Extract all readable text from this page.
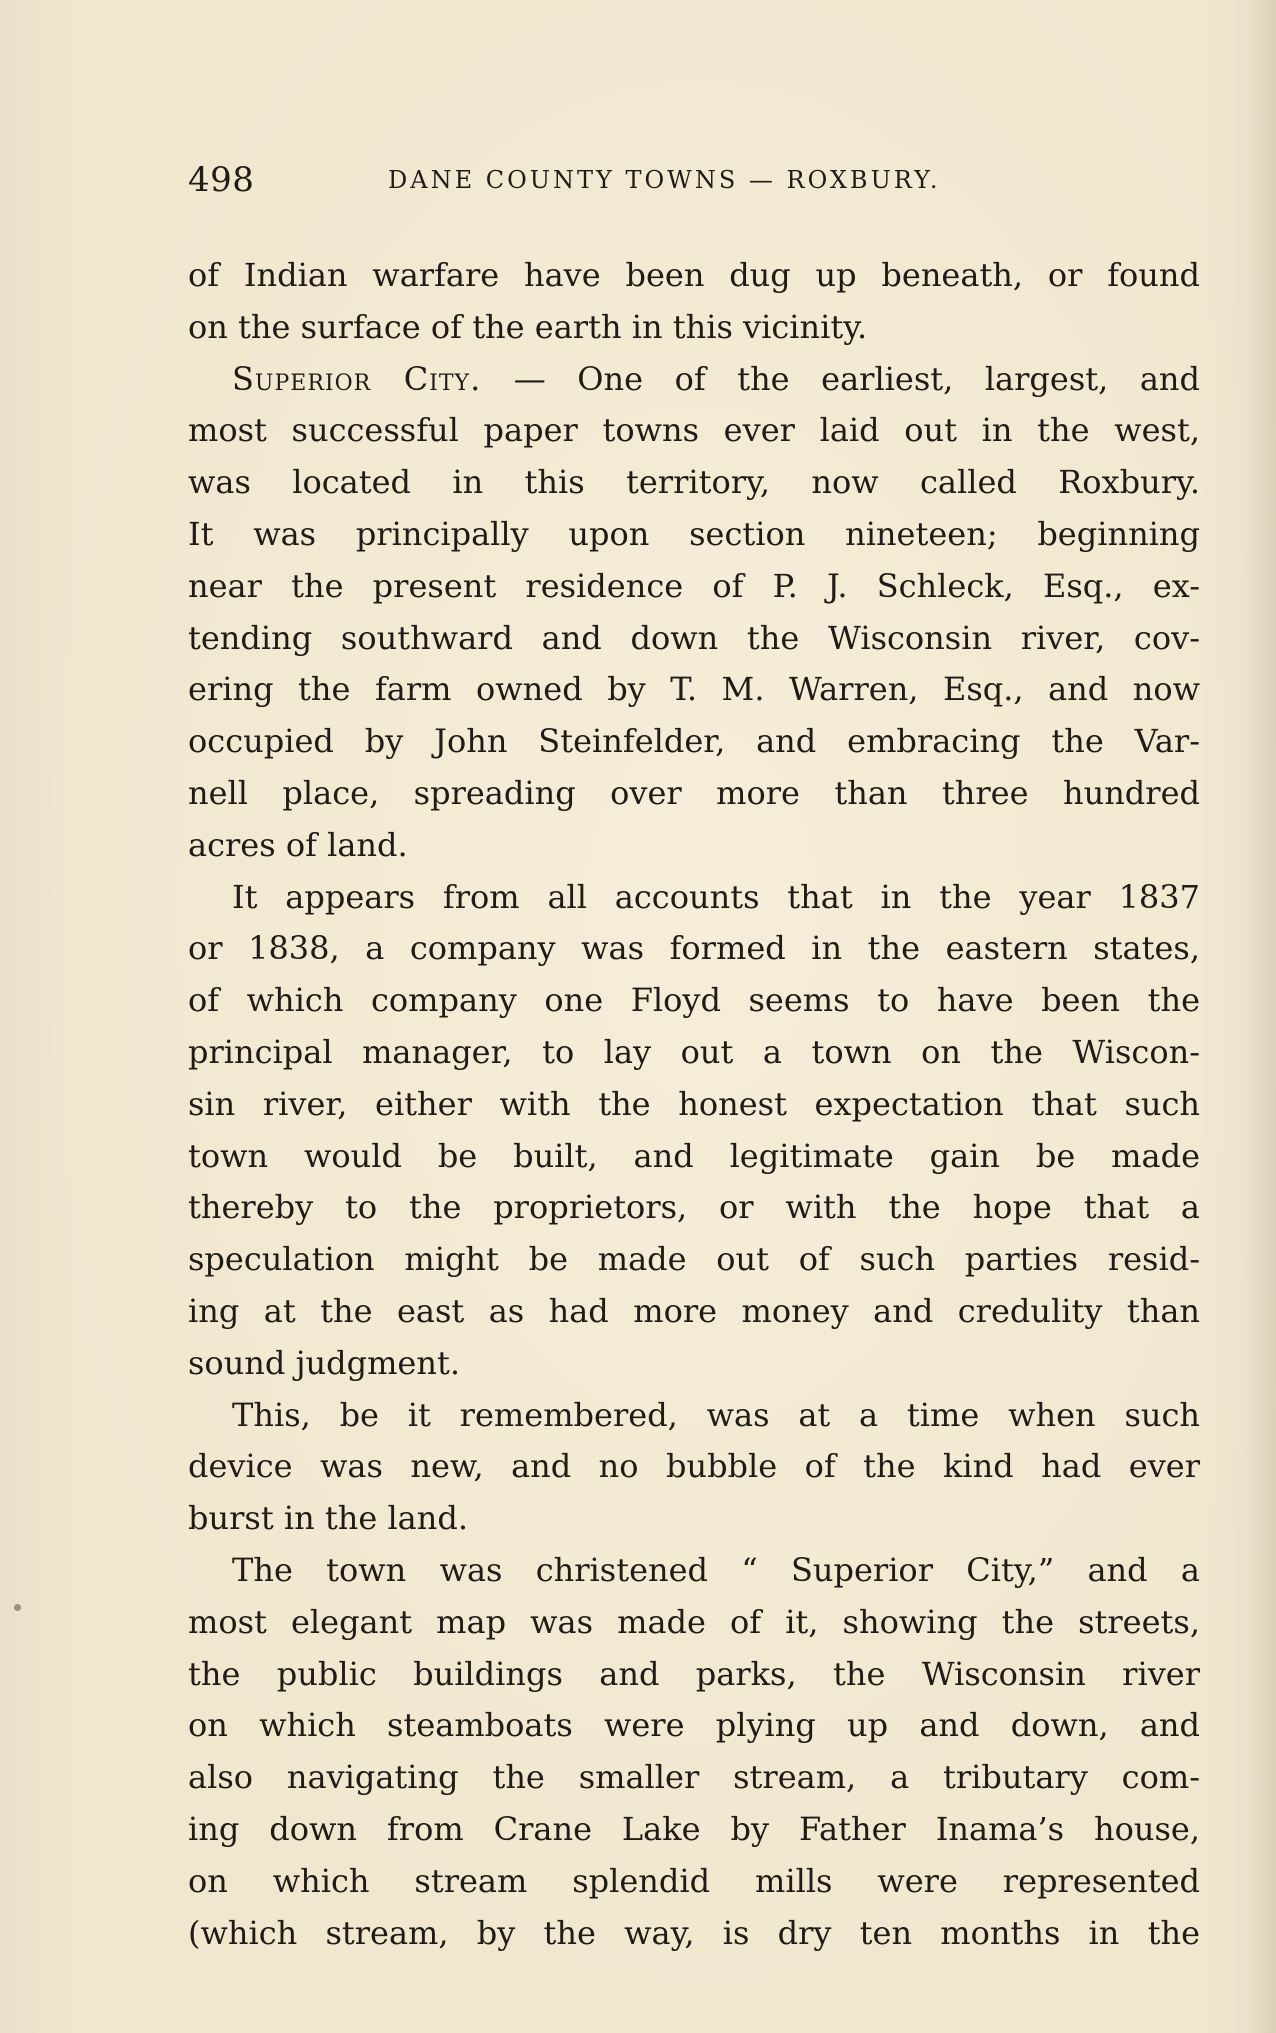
498	DANE COUNTY TOWNS — ROXBURY.
of Indian warfare have been dug up beneath, or found
on the surface of the earth in this vicinity.
Superior City. — One of the earliest, largest, and
most successful paper towns ever laid out in the west,
was located in this territory, now called Roxbury.
It was principally upon section nineteen; beginning
near the present residence of P. J. Schleck, Esq., ex-
tending southward and down the Wisconsin river, cov-
ering the farm owned by T. M. Warren, Esq., and now
occupied by John Steinfelder, and embracing the Var-
nell place, spreading over more than three hundred
acres of land.
It appears from all accounts that in the year 1837
or 1838, a company was formed in the eastern states,
of which company one Floyd seems to have been the
principal manager, to lay out a town on the Wiscon-
sin river, either with the honest expectation that such
town would be built, and legitimate gain be made
thereby to the proprietors, or with the hope that a
speculation might be made out of such parties resid-
ing at the east as had more money and credulity than
sound judgment.
This, be it remembered, was at a time when such
device was new, and no bubble of the kind had ever
burst in the land.
The town was christened “ Superior City,” and a
most elegant map was made of it, showing the streets,
the public buildings and parks, the Wisconsin river
on which steamboats were plying up and down, and
also navigating the smaller stream, a tributary com-
ing down from Crane Lake by Father Inama’s house,
on which stream splendid mills were represented
(which stream, by the way, is dry ten months in the
